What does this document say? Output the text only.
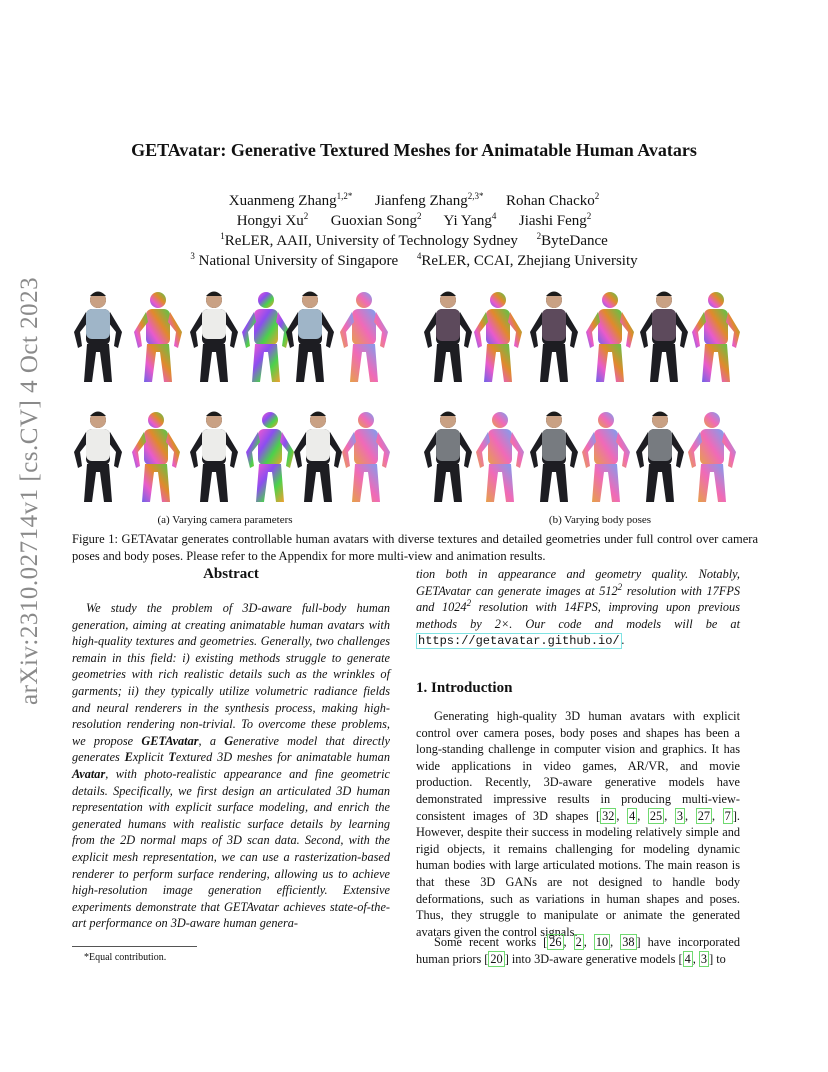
arXiv:2310.02714v1 [cs.CV] 4 Oct 2023
GETAvatar: Generative Textured Meshes for Animatable Human Avatars
Xuanmeng Zhang$^{1,2*}$ Jianfeng Zhang$^{2,3*}$ Rohan Chacko$^2$
Hongyi Xu$^2$ Guoxian Song$^2$ Yi Yang$^4$ Jiashi Feng$^2$
$^1$ReLER, AAII, University of Technology Sydney $^2$ByteDance
$^3$ National University of Singapore $^4$ReLER, CCAI, Zhejiang University
(a) Varying camera parameters	(b) Varying body poses
Figure 1: GETAvatar generates controllable human avatars with diverse textures and detailed geometries under full control over camera poses and body poses. Please refer to the Appendix for more multi-view and animation results.
Abstract
We study the problem of 3D-aware full-body human generation, aiming at creating animatable human avatars with high-quality textures and geometries. Generally, two challenges remain in this field: i) existing methods struggle to generate geometries with rich realistic details such as the wrinkles of garments; ii) they typically utilize volumetric radiance fields and neural renderers in the synthesis process, making high-resolution rendering non-trivial. To overcome these problems, we propose GETAvatar, a Generative model that directly generates Explicit Textured 3D meshes for animatable human Avatar, with photo-realistic appearance and fine geometric details. Specifically, we first design an articulated 3D human representation with explicit surface modeling, and enrich the generated humans with realistic surface details by learning from the 2D normal maps of 3D scan data. Second, with the explicit mesh representation, we can use a rasterization-based renderer to perform surface rendering, allowing us to achieve high-resolution image generation efficiently. Extensive experiments demonstrate that GETAvatar achieves state-of-the-art performance on 3D-aware human genera-
*Equal contribution.
tion both in appearance and geometry quality. Notably, GETAvatar can generate images at $512^2$ resolution with 17FPS and 1024$^2$ resolution with 14FPS, improving upon previous methods by 2×. Our code and models will be at https://getavatar.github.io/ .
1. Introduction
Generating high-quality 3D human avatars with explicit control over camera poses, body poses and shapes has been a long-standing challenge in computer vision and graphics. It has wide applications in video games, AR/VR, and movie production. Recently, 3D-aware generative models have demonstrated impressive results in producing multi-view-consistent images of 3D shapes [ 32 , 4 , 25 , 3 , 27 , 7 ]. However, despite their success in modeling relatively simple and rigid objects, it remains challenging for modeling dynamic human bodies with large articulated motions. The main reason is that these 3D GANs are not designed to handle body deformations, such as variations in human shapes and poses. Thus, they struggle to manipulate or animate the generated avatars given the control signals.
Some recent works [ 26 , 2 , 10 , 38 ] have incorporated human priors [ 20 ] into 3D-aware generative models [ 4 , 3 ] to
